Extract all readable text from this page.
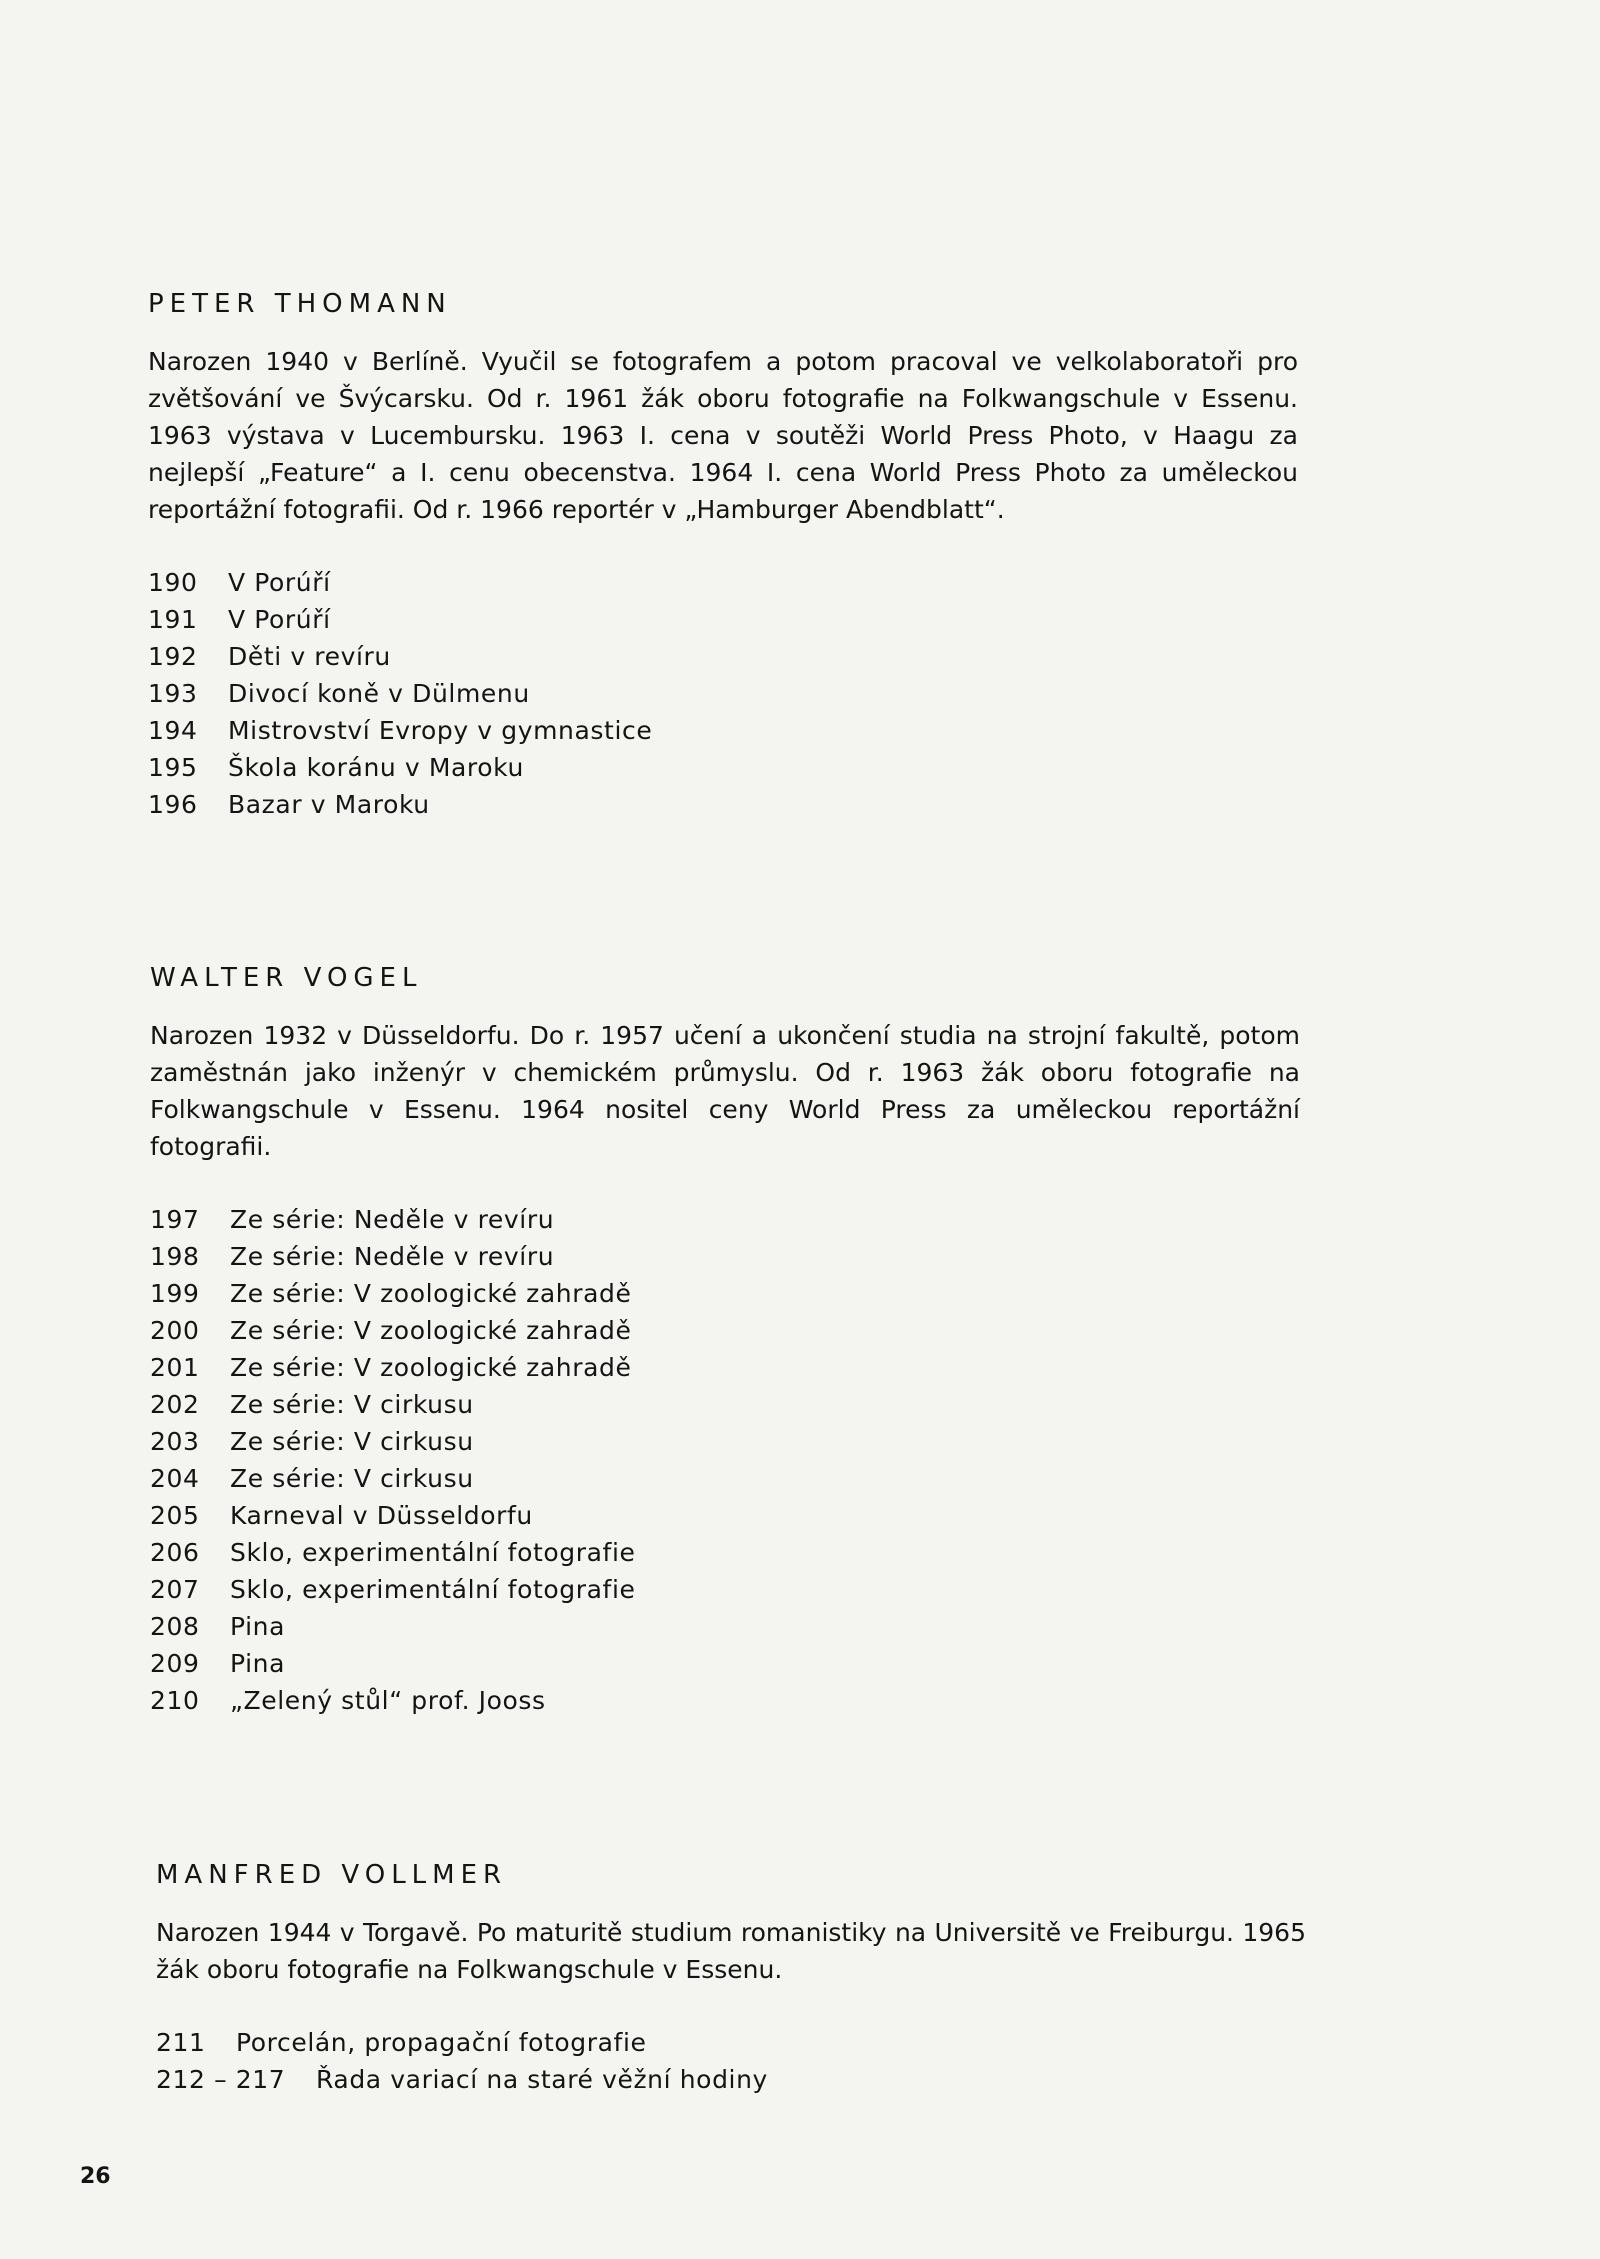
PETER THOMANN

Narozen 1940 v Berlíně. Vyučil se fotografem a potom pracoval ve velkolaboratoři pro zvětšování ve Švýcarsku. Od r. 1961 žák oboru fotografie na Folkwangschule v Essenu. 1963 výstava v Lucembursku. 1963 I. cena v soutěži World Press Photo, v Haagu za nejlepší „Feature“ a I. cenu obecenstva. 1964 I. cena World Press Photo za uměleckou reportážní fotografii. Od r. 1966 reportér v „Hamburger Abendblatt“.

190	V Porúří
191	V Porúří
192	Děti v revíru
193	Divocí koně v Dülmenu
194	Mistrovství Evropy v gymnastice
195	Škola koránu v Maroku
196	Bazar v Maroku
WALTER VOGEL

Narozen 1932 v Düsseldorfu. Do r. 1957 učení a ukončení studia na strojní fakultě, potom zaměstnán jako inženýr v chemickém průmyslu. Od r. 1963 žák oboru fotografie na Folkwangschule v Essenu. 1964 nositel ceny World Press za uměleckou reportážní fotografii.

197	Ze série: Neděle v revíru
198	Ze série: Neděle v revíru
199	Ze série: V zoologické zahradě
200	Ze série: V zoologické zahradě
201	Ze série: V zoologické zahradě
202	Ze série: V cirkusu
203	Ze série: V cirkusu
204	Ze série: V cirkusu
205	Karneval v Düsseldorfu
206	Sklo, experimentální fotografie
207	Sklo, experimentální fotografie
208	Pina
209	Pina
210	„Zelený stůl“ prof. Jooss
MANFRED VOLLMER

Narozen 1944 v Torgavě. Po maturitě studium romanistiky na Universitě ve Freiburgu. 1965 žák oboru fotografie na Folkwangschule v Essenu.

211	Porcelán, propagační fotografie
212 – 217	Řada variací na staré věžní hodiny
26
